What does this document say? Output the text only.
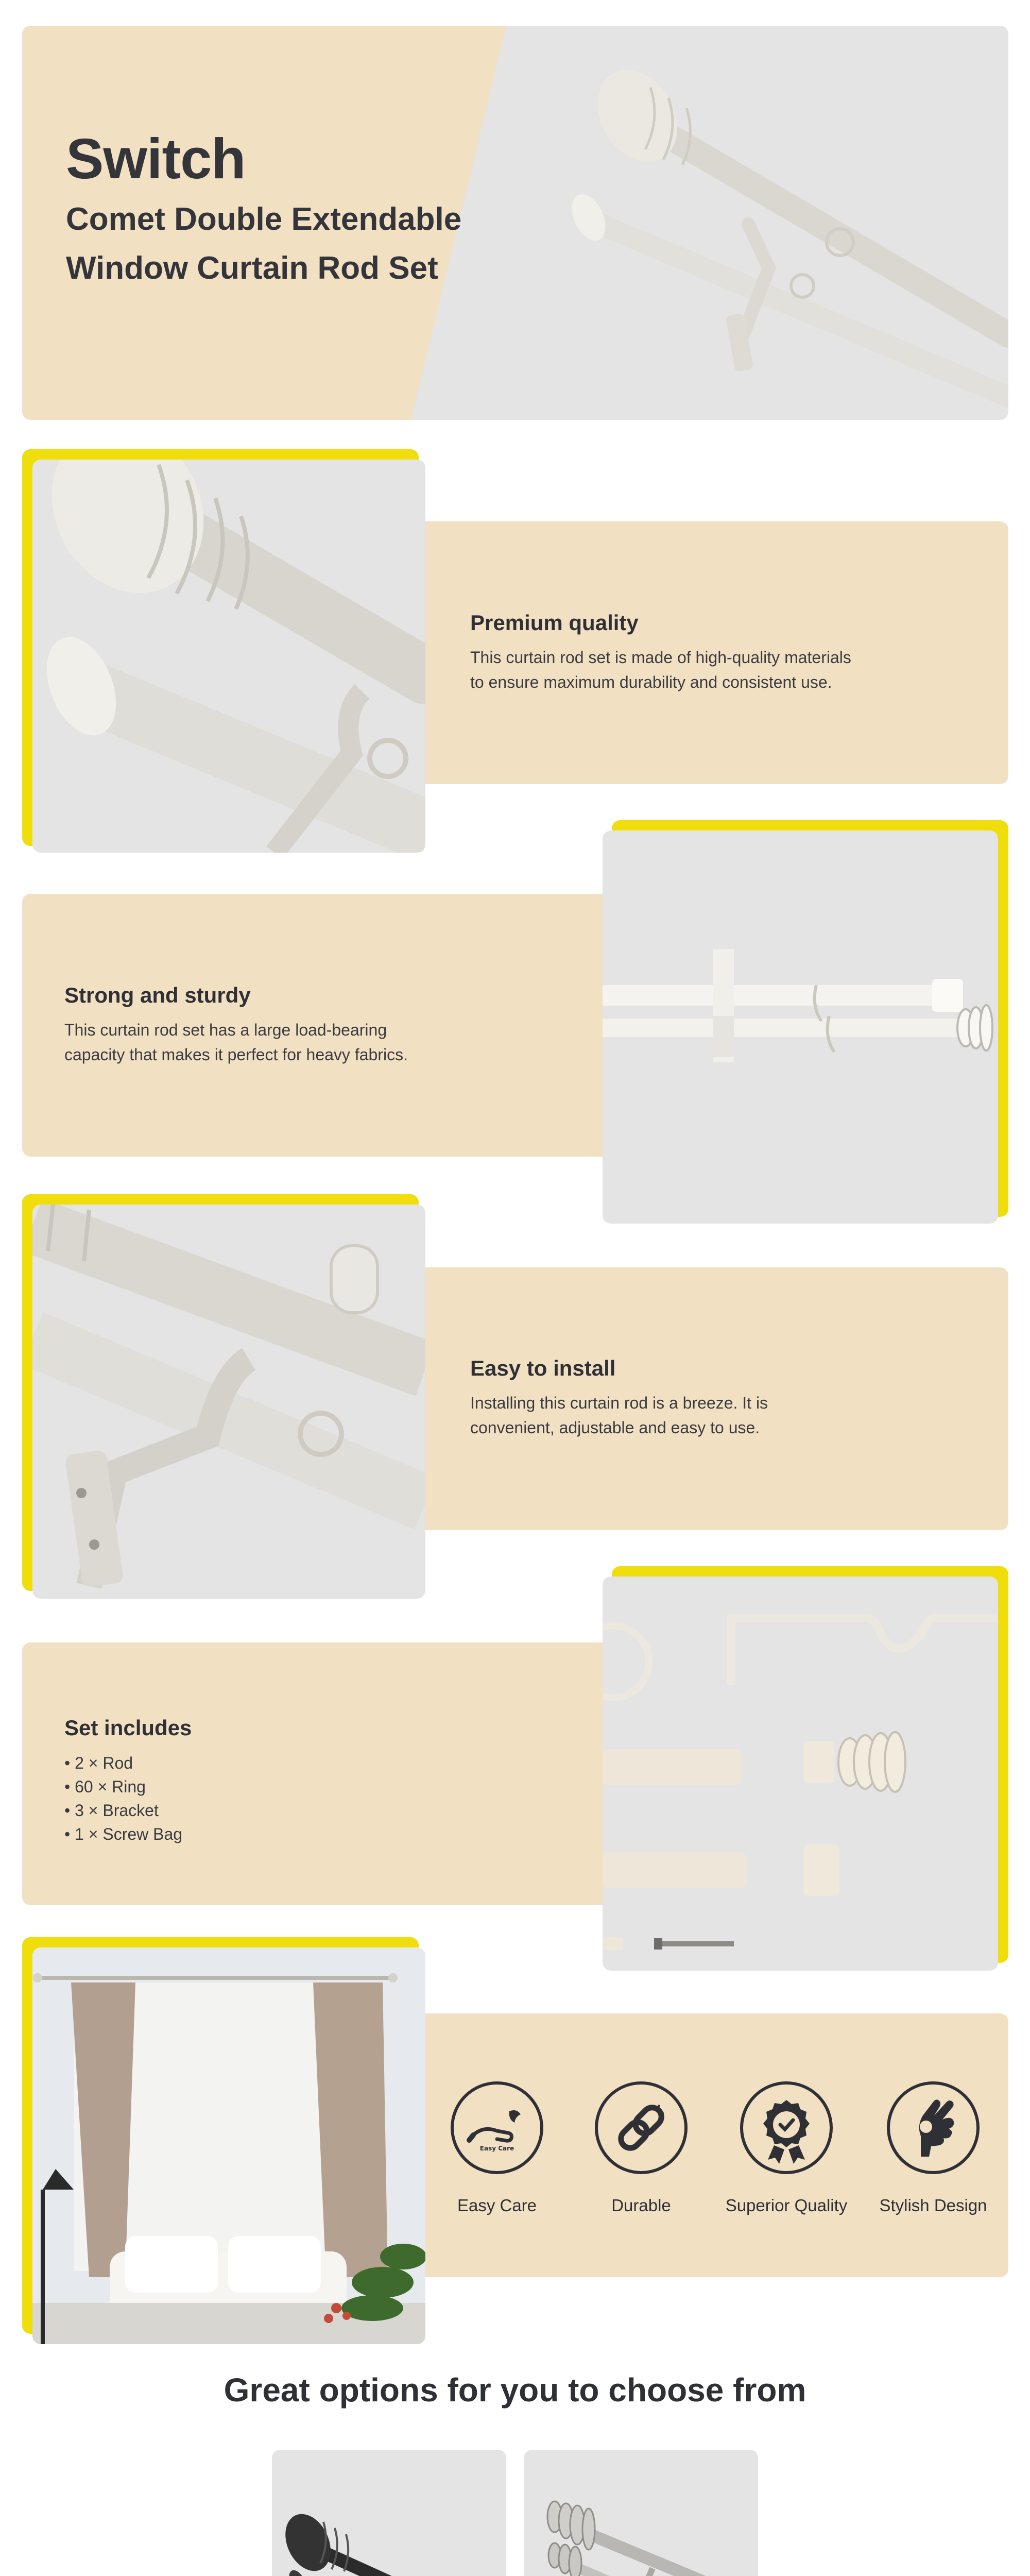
Switch
Comet Double Extendable
Window Curtain Rod Set
Premium quality
This curtain rod set is made of high-quality materials
to ensure maximum durability and consistent use.
Strong and sturdy
This curtain rod set has a large load-bearing
capacity that makes it perfect for heavy fabrics.
Easy to install
Installing this curtain rod is a breeze. It is
convenient, adjustable and easy to use.
Set includes
• 2 × Rod
• 60 × Ring
• 3 × Bracket
• 1 × Screw Bag
Easy Care
Easy Care	Durable	Superior Quality	Stylish Design
Great options for you to choose from
